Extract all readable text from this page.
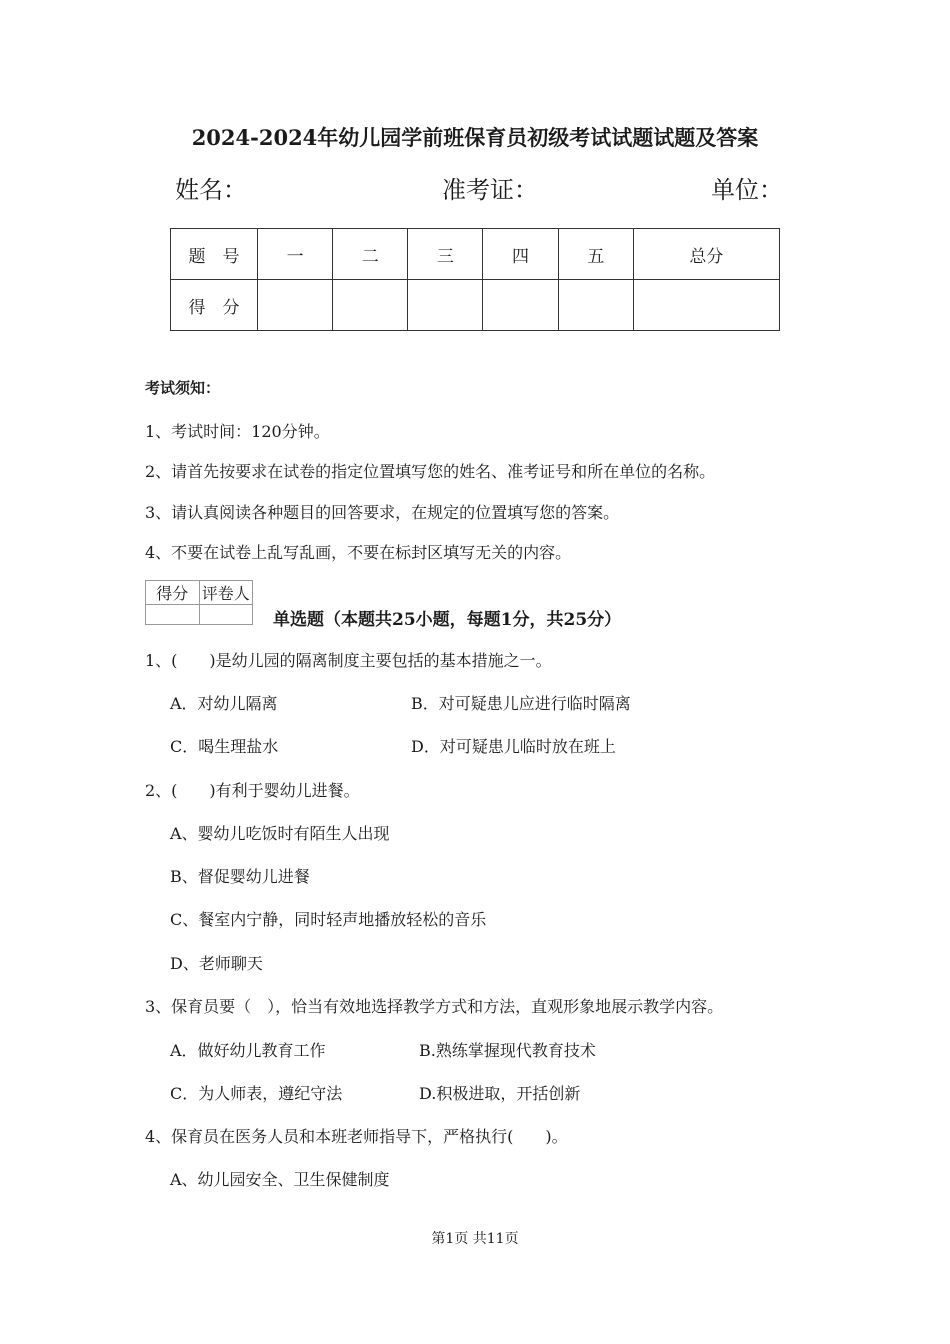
2024-2024年幼儿园学前班保育员初级考试试题试题及答案
姓名：	准考证：	单位：
题　号	一	二	三	四	五	总分
得　分						
考试须知：
1、考试时间：120分钟。
2、请首先按要求在试卷的指定位置填写您的姓名、准考证号和所在单位的名称。
3、请认真阅读各种题目的回答要求，在规定的位置填写您的答案。
4、不要在试卷上乱写乱画，不要在标封区填写无关的内容。
得分	评卷人

单选题（本题共25小题，每题1分，共25分）
1、(　　)是幼儿园的隔离制度主要包括的基本措施之一。
A．对幼儿隔离	B．对可疑患儿应进行临时隔离
C．喝生理盐水	D．对可疑患儿临时放在班上
2、(　　)有利于婴幼儿进餐。
A、婴幼儿吃饭时有陌生人出现
B、督促婴幼儿进餐
C、餐室内宁静，同时轻声地播放轻松的音乐
D、老师聊天
3、保育员要（　），恰当有效地选择教学方式和方法，直观形象地展示教学内容。
A．做好幼儿教育工作	B.熟练掌握现代教育技术
C．为人师表，遵纪守法	D.积极进取，开括创新
4、保育员在医务人员和本班老师指导下，严格执行(　　)。
A、幼儿园安全、卫生保健制度
第1页 共11页
